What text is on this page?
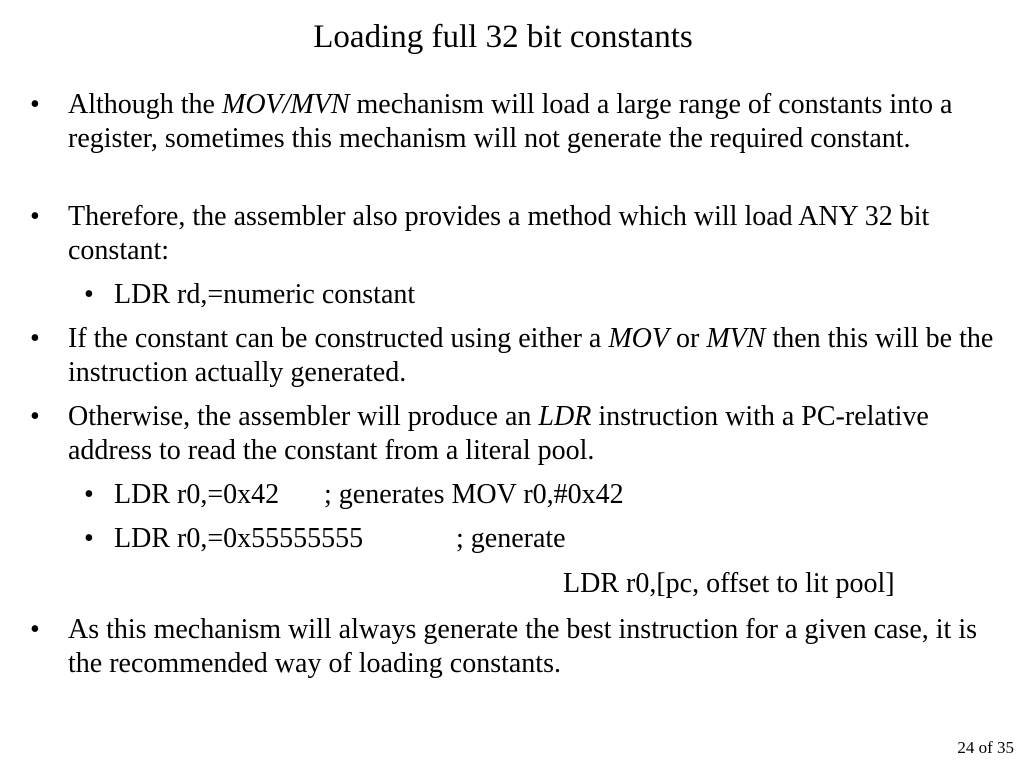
Loading full 32 bit constants
•	Although the MOV/MVN mechanism will load a large range of constants into a register, sometimes this mechanism will not generate the required constant.
•	Therefore, the assembler also provides a method which will load ANY 32 bit constant:
• LDR rd,=numeric constant
•	If the constant can be constructed using either a MOV or MVN then this will be the instruction actually generated.
•	Otherwise, the assembler will produce an LDR instruction with a PC-relative address to read the constant from a literal pool.
• LDR r0,=0x42	; generates MOV r0,#0x42
• LDR r0,=0x55555555	; generate
LDR r0,[pc, offset to lit pool]
•	As this mechanism will always generate the best instruction for a given case, it is the recommended way of loading constants.
24 of 35
